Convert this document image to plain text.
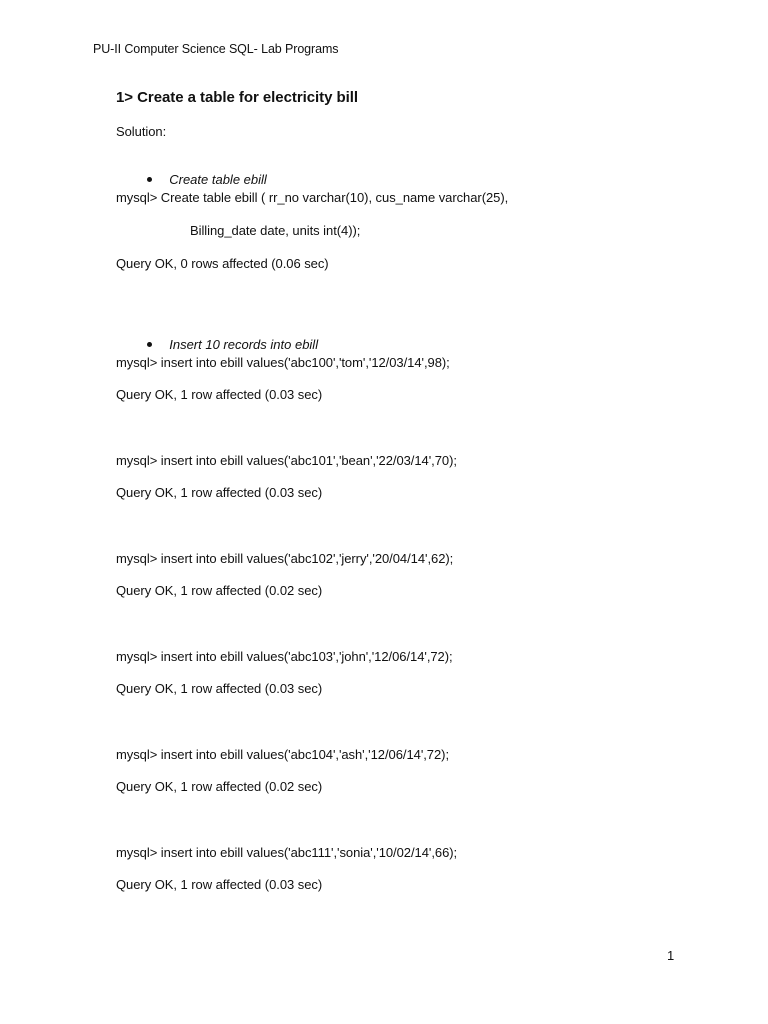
PU-II Computer Science SQL- Lab Programs
1> Create a table for electricity bill
Solution:

Create table ebill

mysql> Create table ebill ( rr_no varchar(10), cus_name varchar(25),
Billing_date date, units int(4));
Query OK, 0 rows affected (0.06 sec)

Insert 10 records into ebill

mysql> insert into ebill values('abc100','tom','12/03/14',98);
Query OK, 1 row affected (0.03 sec)
mysql> insert into ebill values('abc101','bean','22/03/14',70);
Query OK, 1 row affected (0.03 sec)
mysql> insert into ebill values('abc102','jerry','20/04/14',62);
Query OK, 1 row affected (0.02 sec)
mysql> insert into ebill values('abc103','john','12/06/14',72);
Query OK, 1 row affected (0.03 sec)
mysql> insert into ebill values('abc104','ash','12/06/14',72);
Query OK, 1 row affected (0.02 sec)
mysql> insert into ebill values('abc111','sonia','10/02/14',66);
Query OK, 1 row affected (0.03 sec)
1
